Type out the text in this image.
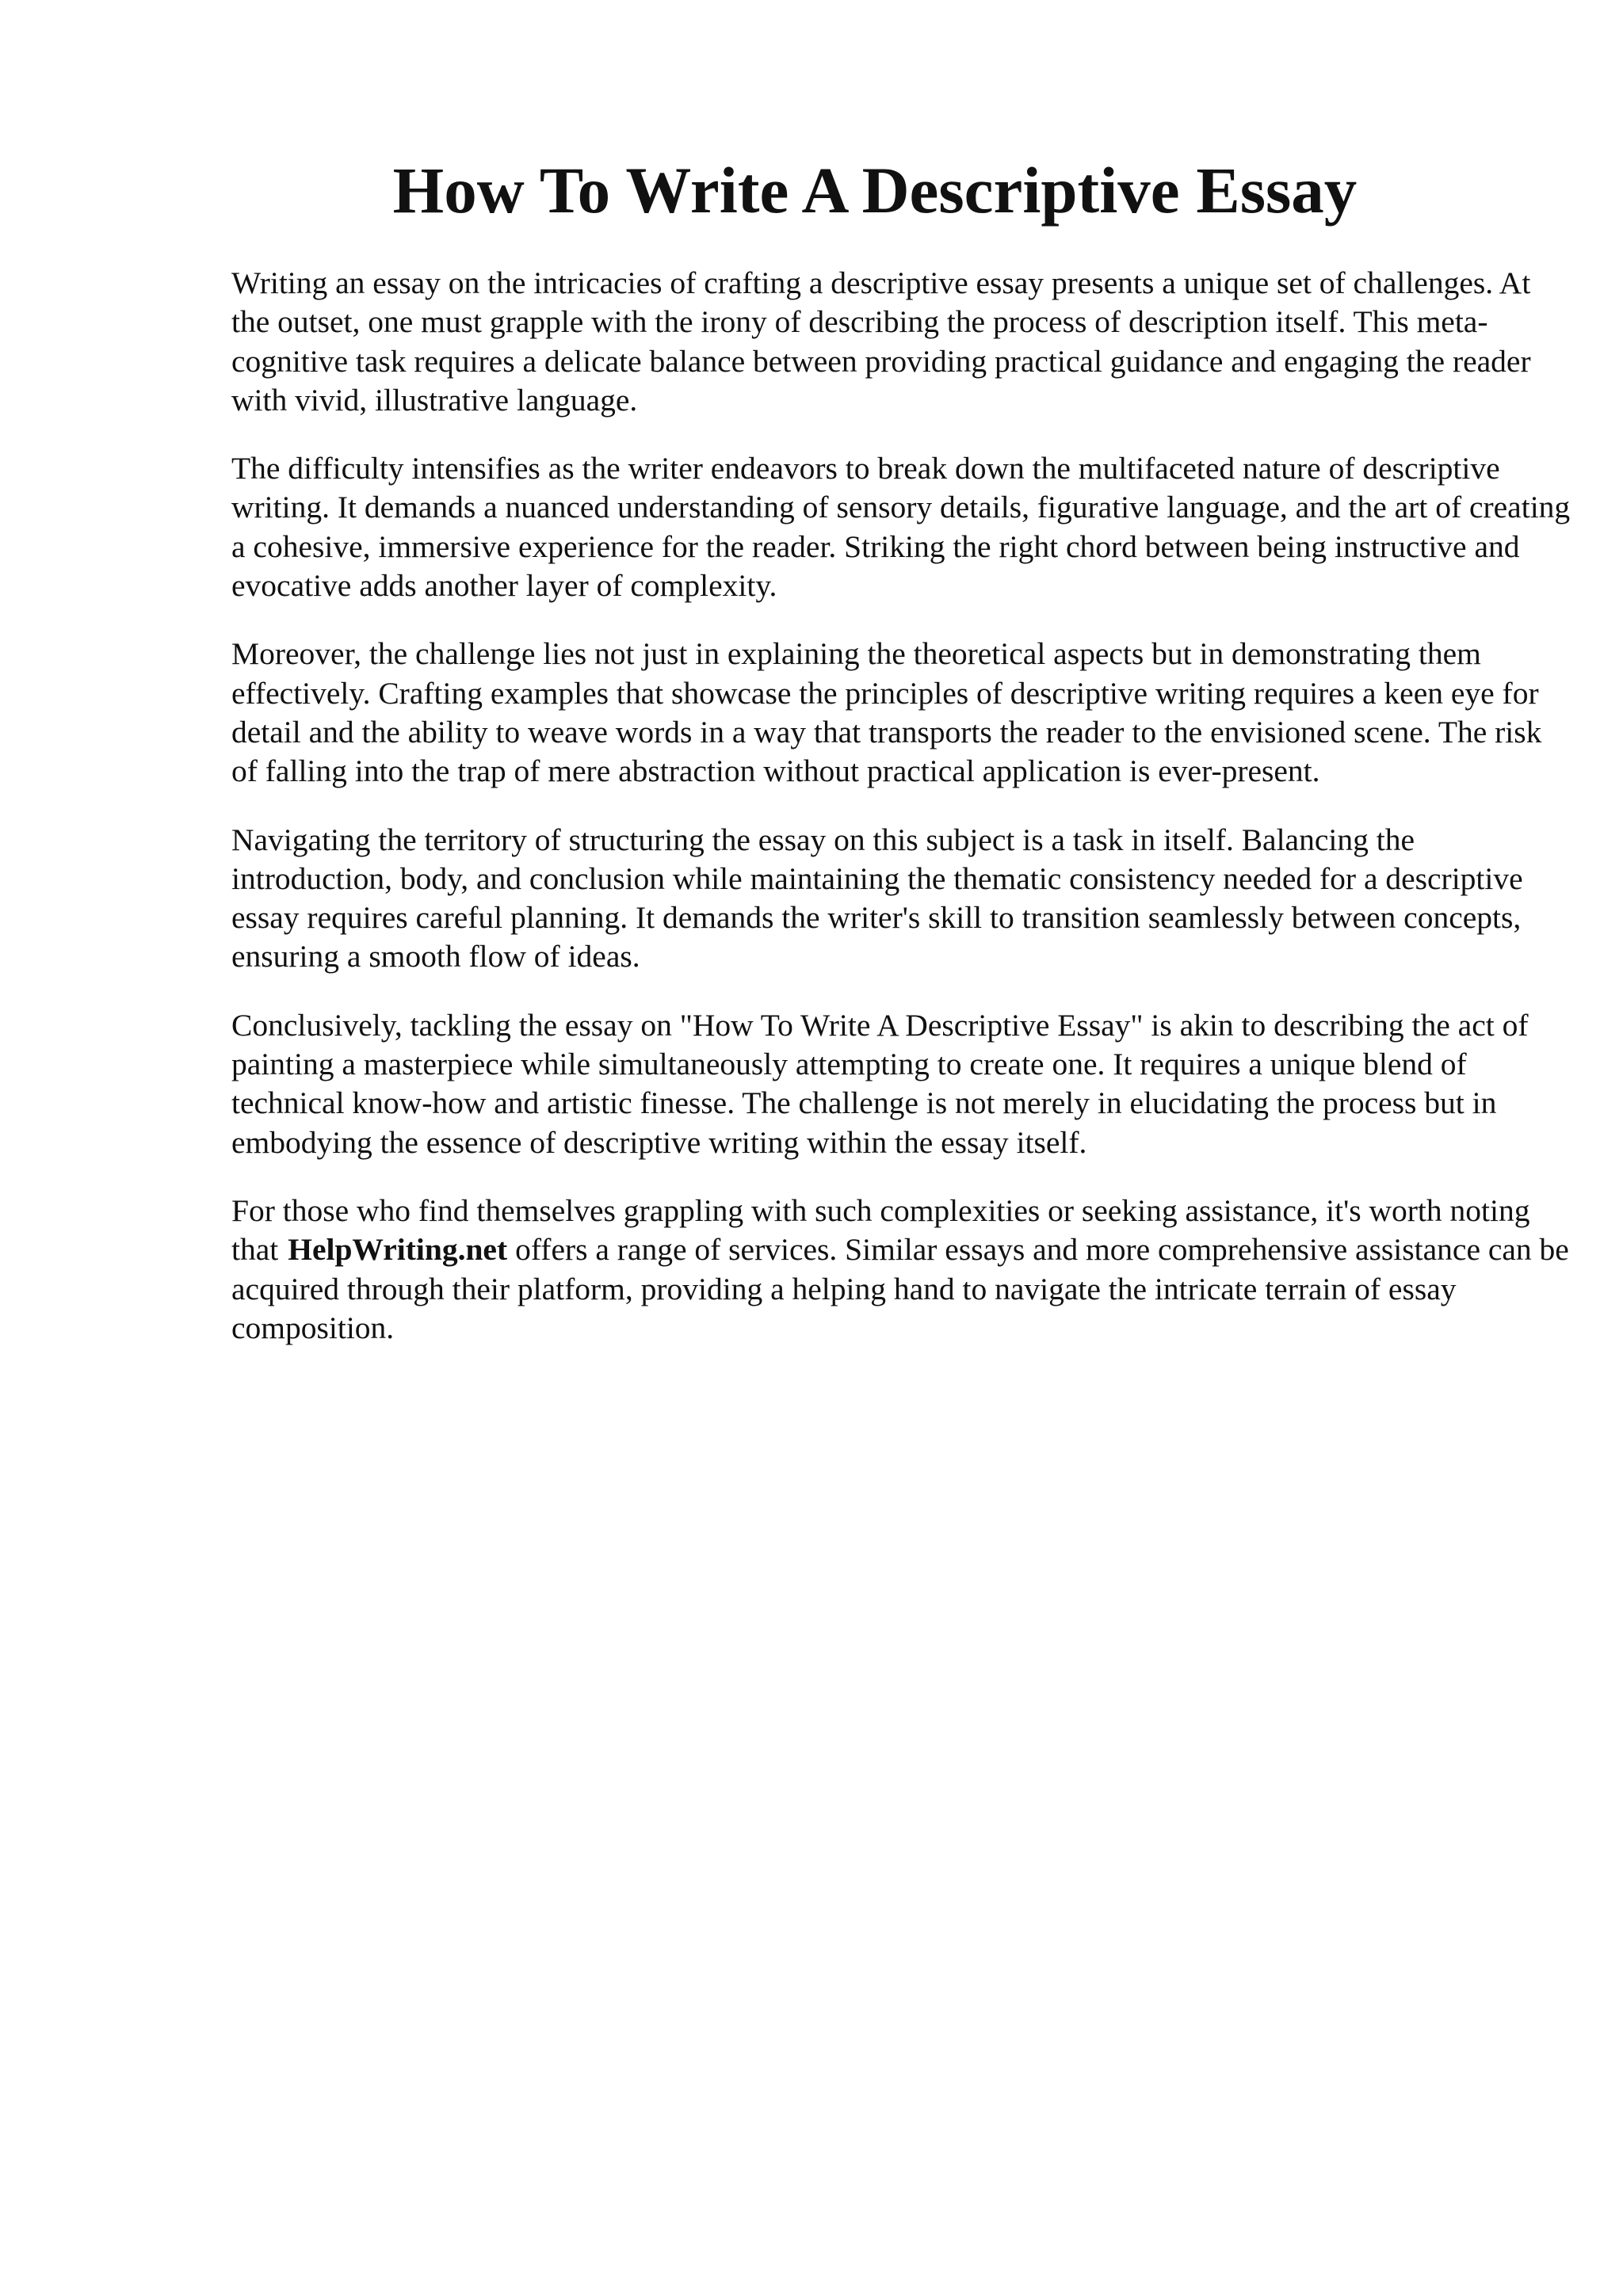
How To Write A Descriptive Essay

Writing an essay on the intricacies of crafting a descriptive essay presents a unique set of challenges. At the outset, one must grapple with the irony of describing the process of description itself. This meta-cognitive task requires a delicate balance between providing practical guidance and engaging the reader with vivid, illustrative language.

The difficulty intensifies as the writer endeavors to break down the multifaceted nature of descriptive writing. It demands a nuanced understanding of sensory details, figurative language, and the art of creating a cohesive, immersive experience for the reader. Striking the right chord between being instructive and evocative adds another layer of complexity.

Moreover, the challenge lies not just in explaining the theoretical aspects but in demonstrating them effectively. Crafting examples that showcase the principles of descriptive writing requires a keen eye for detail and the ability to weave words in a way that transports the reader to the envisioned scene. The risk of falling into the trap of mere abstraction without practical application is ever-present.

Navigating the territory of structuring the essay on this subject is a task in itself. Balancing the introduction, body, and conclusion while maintaining the thematic consistency needed for a descriptive essay requires careful planning. It demands the writer's skill to transition seamlessly between concepts, ensuring a smooth flow of ideas.

Conclusively, tackling the essay on "How To Write A Descriptive Essay" is akin to describing the act of painting a masterpiece while simultaneously attempting to create one. It requires a unique blend of technical know-how and artistic finesse. The challenge is not merely in elucidating the process but in embodying the essence of descriptive writing within the essay itself.

For those who find themselves grappling with such complexities or seeking assistance, it's worth noting that HelpWriting.net offers a range of services. Similar essays and more comprehensive assistance can be acquired through their platform, providing a helping hand to navigate the intricate terrain of essay composition.
